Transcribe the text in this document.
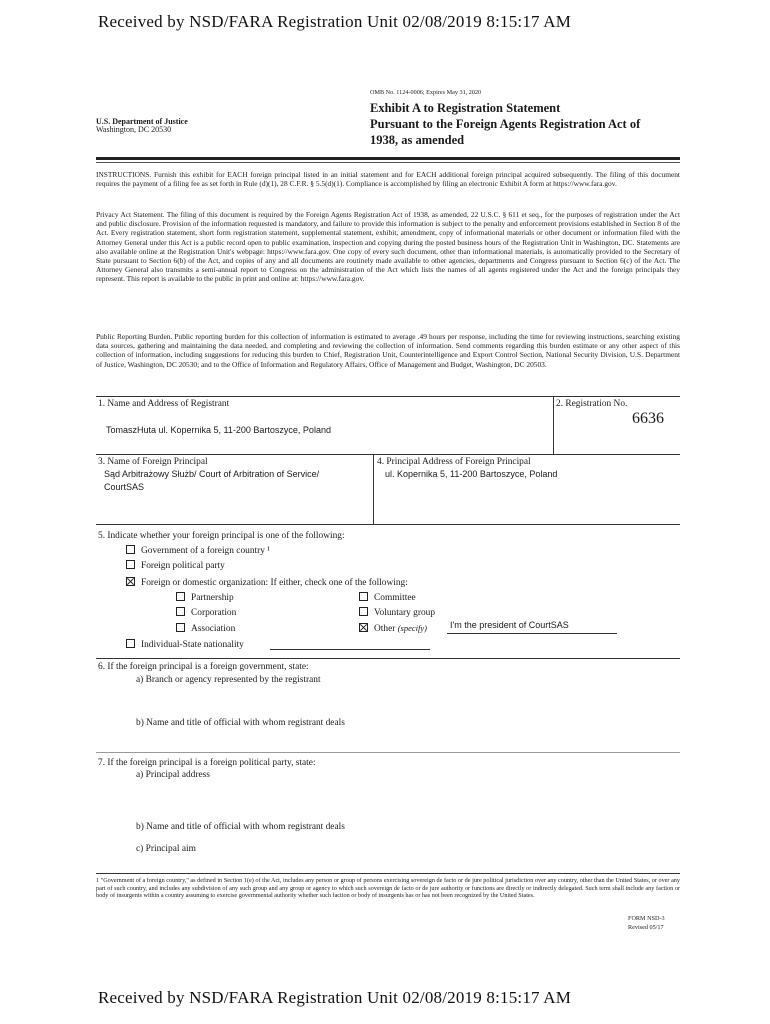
Received by NSD/FARA Registration Unit 02/08/2019 8:15:17 AM
OMB No. 1124-0006; Expires May 31, 2020
U.S. Department of Justice
Washington, DC 20530
Exhibit A to Registration Statement
Pursuant to the Foreign Agents Registration Act of
1938, as amended
INSTRUCTIONS. Furnish this exhibit for EACH foreign principal listed in an initial statement and for EACH additional foreign principal acquired subsequently. The filing of this document requires the payment of a filing fee as set forth in Rule (d)(1), 28 C.F.R. § 5.5(d)(1). Compliance is accomplished by filing an electronic Exhibit A form at https://www.fara.gov.
Privacy Act Statement. The filing of this document is required by the Foreign Agents Registration Act of 1938, as amended, 22 U.S.C. § 611 et seq., for the purposes of registration under the Act and public disclosure. Provision of the information requested is mandatory, and failure to provide this information is subject to the penalty and enforcement provisions established in Section 8 of the Act. Every registration statement, short form registration statement, supplemental statement, exhibit, amendment, copy of informational materials or other document or information filed with the Attorney General under this Act is a public record open to public examination, inspection and copying during the posted business hours of the Registration Unit in Washington, DC. Statements are also available online at the Registration Unit's webpage: https://www.fara.gov. One copy of every such document, other than informational materials, is automatically provided to the Secretary of State pursuant to Section 6(b) of the Act, and copies of any and all documents are routinely made available to other agencies, departments and Congress pursuant to Section 6(c) of the Act. The Attorney General also transmits a semi-annual report to Congress on the administration of the Act which lists the names of all agents registered under the Act and the foreign principals they represent. This report is available to the public in print and online at: https://www.fara.gov.
Public Reporting Burden. Public reporting burden for this collection of information is estimated to average .49 hours per response, including the time for reviewing instructions, searching existing data sources, gathering and maintaining the data needed, and completing and reviewing the collection of information. Send comments regarding this burden estimate or any other aspect of this collection of information, including suggestions for reducing this burden to Chief, Registration Unit, Counterintelligence and Export Control Section, National Security Division, U.S. Department of Justice, Washington, DC 20530; and to the Office of Information and Regulatory Affairs, Office of Management and Budget, Washington, DC 20503.
1. Name and Address of Registrant
TomaszHuta ul. Kopernika 5, 11-200 Bartoszyce, Poland
2. Registration No.
6636
3. Name of Foreign Principal
Sąd Arbitrażowy Służb/ Court of Arbitration of Service/
CourtSAS
4. Principal Address of Foreign Principal
ul. Kopernika 5, 11-200 Bartoszyce, Poland
5. Indicate whether your foreign principal is one of the following:
Government of a foreign country ¹
Foreign political party
Foreign or domestic organization: If either, check one of the following:
Partnership
Corporation
Association
Committee
Voluntary group
Other (specify)	I'm the president of CourtSAS
Individual-State nationality
6. If the foreign principal is a foreign government, state:
a) Branch or agency represented by the registrant
b) Name and title of official with whom registrant deals
7. If the foreign principal is a foreign political party, state:
a) Principal address
b) Name and title of official with whom registrant deals
c) Principal aim
1 "Government of a foreign country," as defined in Section 1(e) of the Act, includes any person or group of persons exercising sovereign de facto or de jure political jurisdiction over any country, other than the United States, or over any part of such country, and includes any subdivision of any such group and any group or agency to which such sovereign de facto or de jure authority or functions are directly or indirectly delegated. Such term shall include any faction or body of insurgents within a country assuming to exercise governmental authority whether such faction or body of insurgents has or has not been recognized by the United States.
FORM NSD-3
Revised 05/17
Received by NSD/FARA Registration Unit 02/08/2019 8:15:17 AM
